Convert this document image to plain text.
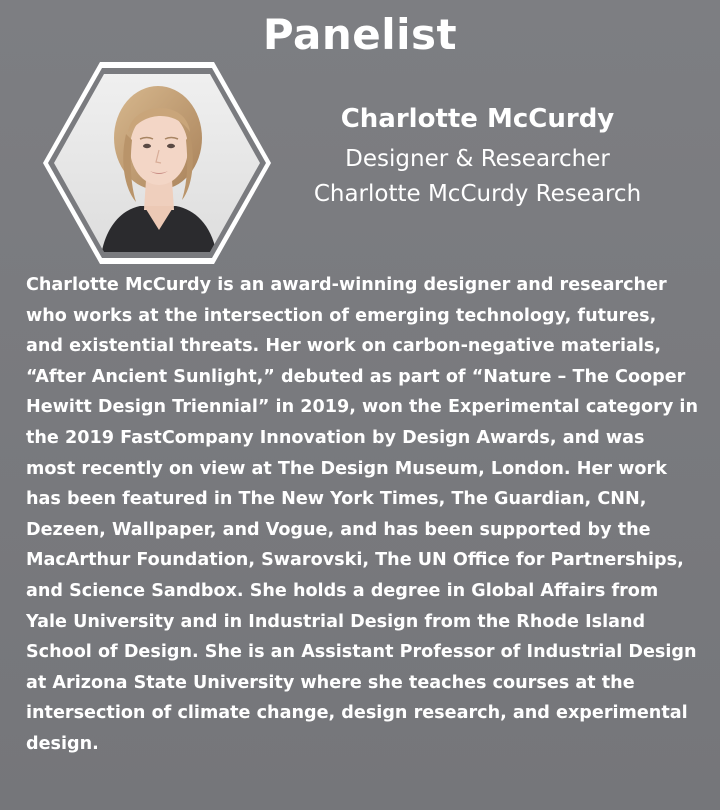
Panelist
Charlotte McCurdy
Designer & Researcher
Charlotte McCurdy Research

Charlotte McCurdy is an award-winning designer and researcher who works at the intersection of emerging technology, futures, and existential threats. Her work on carbon-negative materials, “After Ancient Sunlight,” debuted as part of “Nature – The Cooper Hewitt Design Triennial” in 2019, won the Experimental category in the 2019 FastCompany Innovation by Design Awards, and was most recently on view at The Design Museum, London. Her work has been featured in The New York Times, The Guardian, CNN, Dezeen, Wallpaper, and Vogue, and has been supported by the MacArthur Foundation, Swarovski, The UN Office for Partnerships, and Science Sandbox. She holds a degree in Global Affairs from Yale University and in Industrial Design from the Rhode Island School of Design. She is an Assistant Professor of Industrial Design at Arizona State University where she teaches courses at the intersection of climate change, design research, and experimental design.
